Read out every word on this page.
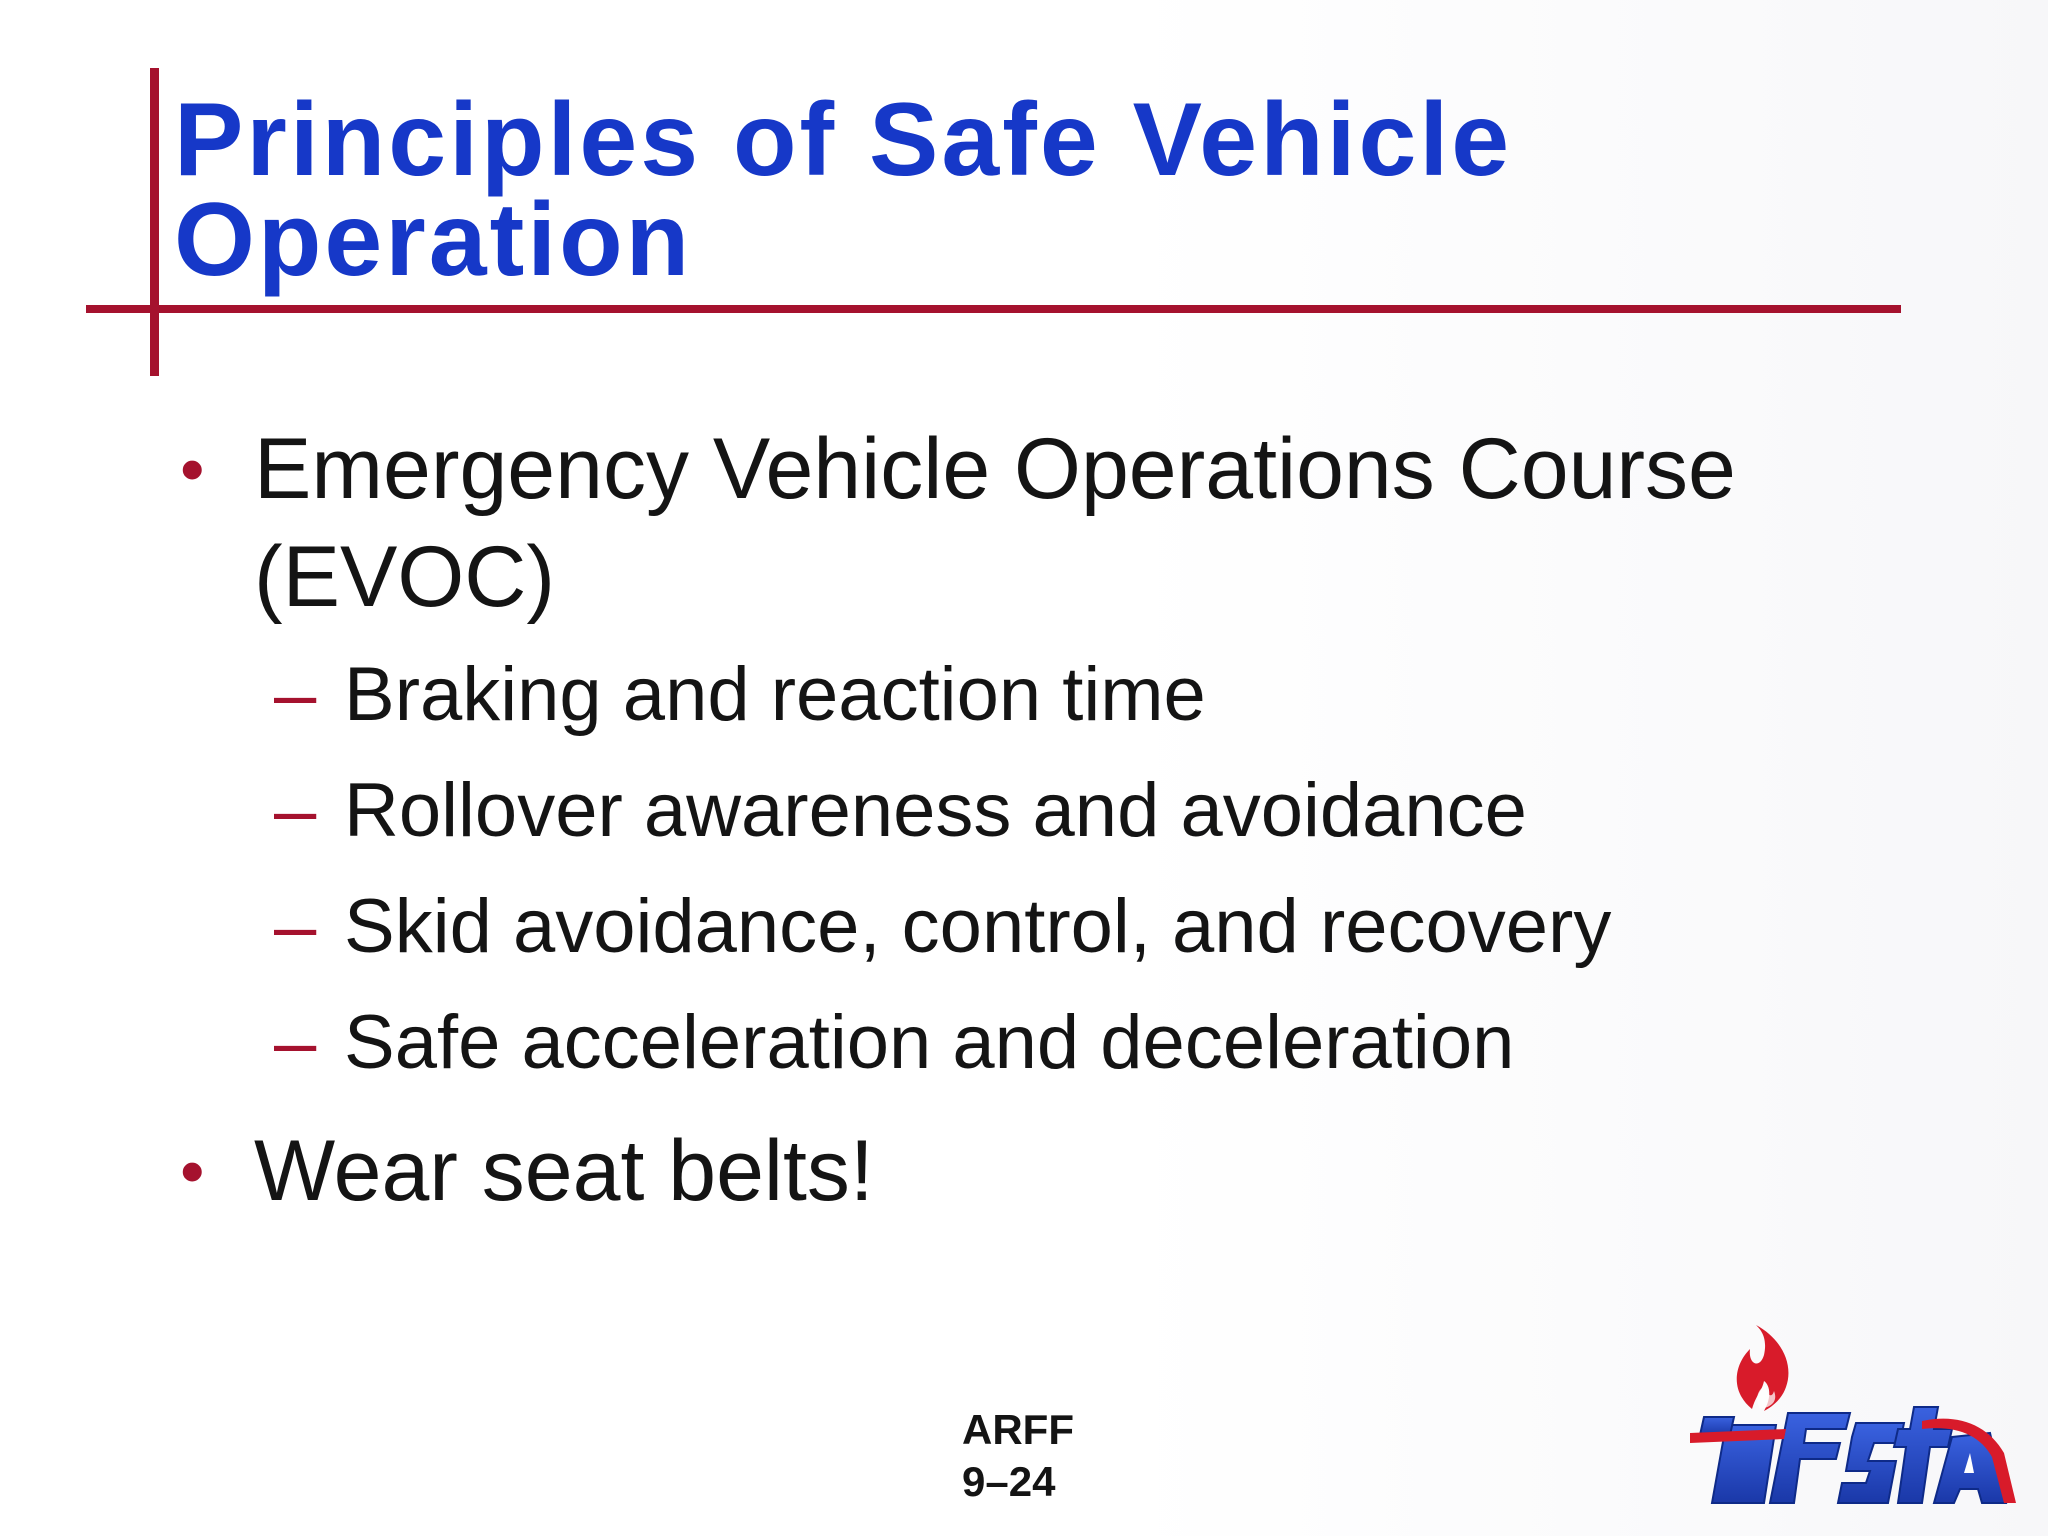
Principles of Safe Vehicle
Operation
• Emergency Vehicle Operations Course
(EVOC)
– Braking and reaction time
– Rollover awareness and avoidance
– Skid avoidance, control, and recovery
– Safe acceleration and deceleration
• Wear seat belts!
ARFF
9–24
